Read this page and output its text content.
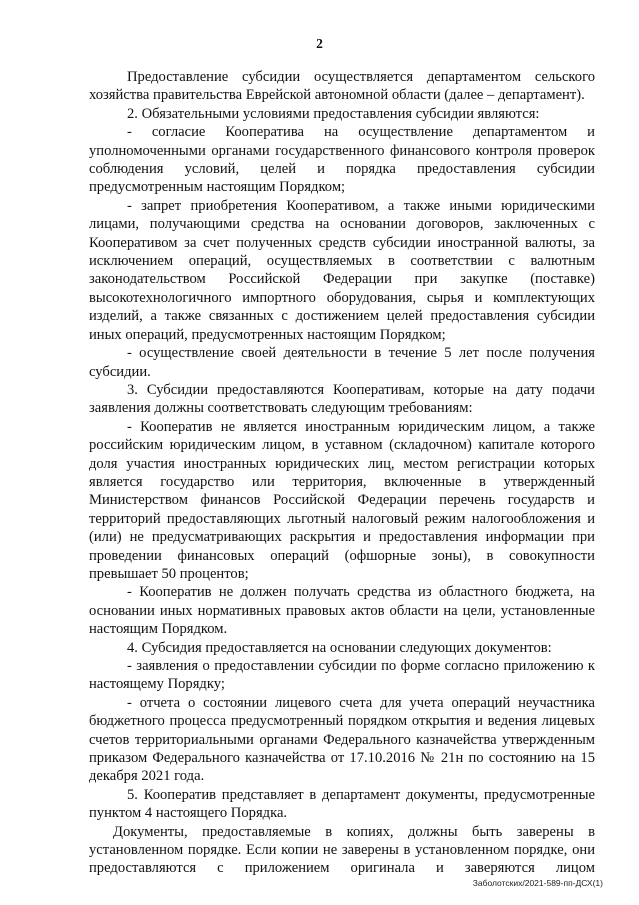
2

Предоставление субсидии осуществляется департаментом сельского хозяйства правительства Еврейской автономной области (далее – департамент).

2. Обязательными условиями предоставления субсидии являются:

- согласие Кооператива на осуществление департаментом и уполномоченными органами государственного финансового контроля проверок соблюдения условий, целей и порядка предоставления субсидии предусмотренным настоящим Порядком;

- запрет приобретения Кооперативом, а также иными юридическими лицами, получающими средства на основании договоров, заключенных с Кооперативом за счет полученных средств субсидии иностранной валюты, за исключением операций, осуществляемых в соответствии с валютным законодательством Российской Федерации при закупке (поставке) высокотехнологичного импортного оборудования, сырья и комплектующих изделий, а также связанных с достижением целей предоставления субсидии иных операций, предусмотренных настоящим Порядком;

- осуществление своей деятельности в течение 5 лет после получения субсидии.

3. Субсидии предоставляются Кооперативам, которые на дату подачи заявления должны соответствовать следующим требованиям:

- Кооператив не является иностранным юридическим лицом, а также российским юридическим лицом, в уставном (складочном) капитале которого доля участия иностранных юридических лиц, местом регистрации которых является государство или территория, включенные в утвержденный Министерством финансов Российской Федерации перечень государств и территорий предоставляющих льготный налоговый режим налогообложения и (или) не предусматривающих раскрытия и предоставления информации при проведении финансовых операций (офшорные зоны), в совокупности превышает 50 процентов;

- Кооператив не должен получать средства из областного бюджета, на основании иных нормативных правовых актов области на цели, установленные настоящим Порядком.

4. Субсидия предоставляется на основании следующих документов:

- заявления о предоставлении субсидии по форме согласно приложению к настоящему Порядку;

- отчета о состоянии лицевого счета для учета операций неучастника бюджетного процесса предусмотренный порядком открытия и ведения лицевых счетов территориальными органами Федерального казначейства утвержденным приказом Федерального казначейства от 17.10.2016 № 21н по состоянию на 15 декабря 2021 года.

5. Кооператив представляет в департамент документы, предусмотренные пунктом 4 настоящего Порядка.

Документы, предоставляемые в копиях, должны быть заверены в установленном порядке. Если копии не заверены в установленном порядке, они предоставляются с приложением оригинала и заверяются лицом

Заболотских/2021-589-пп-ДСХ(1)
